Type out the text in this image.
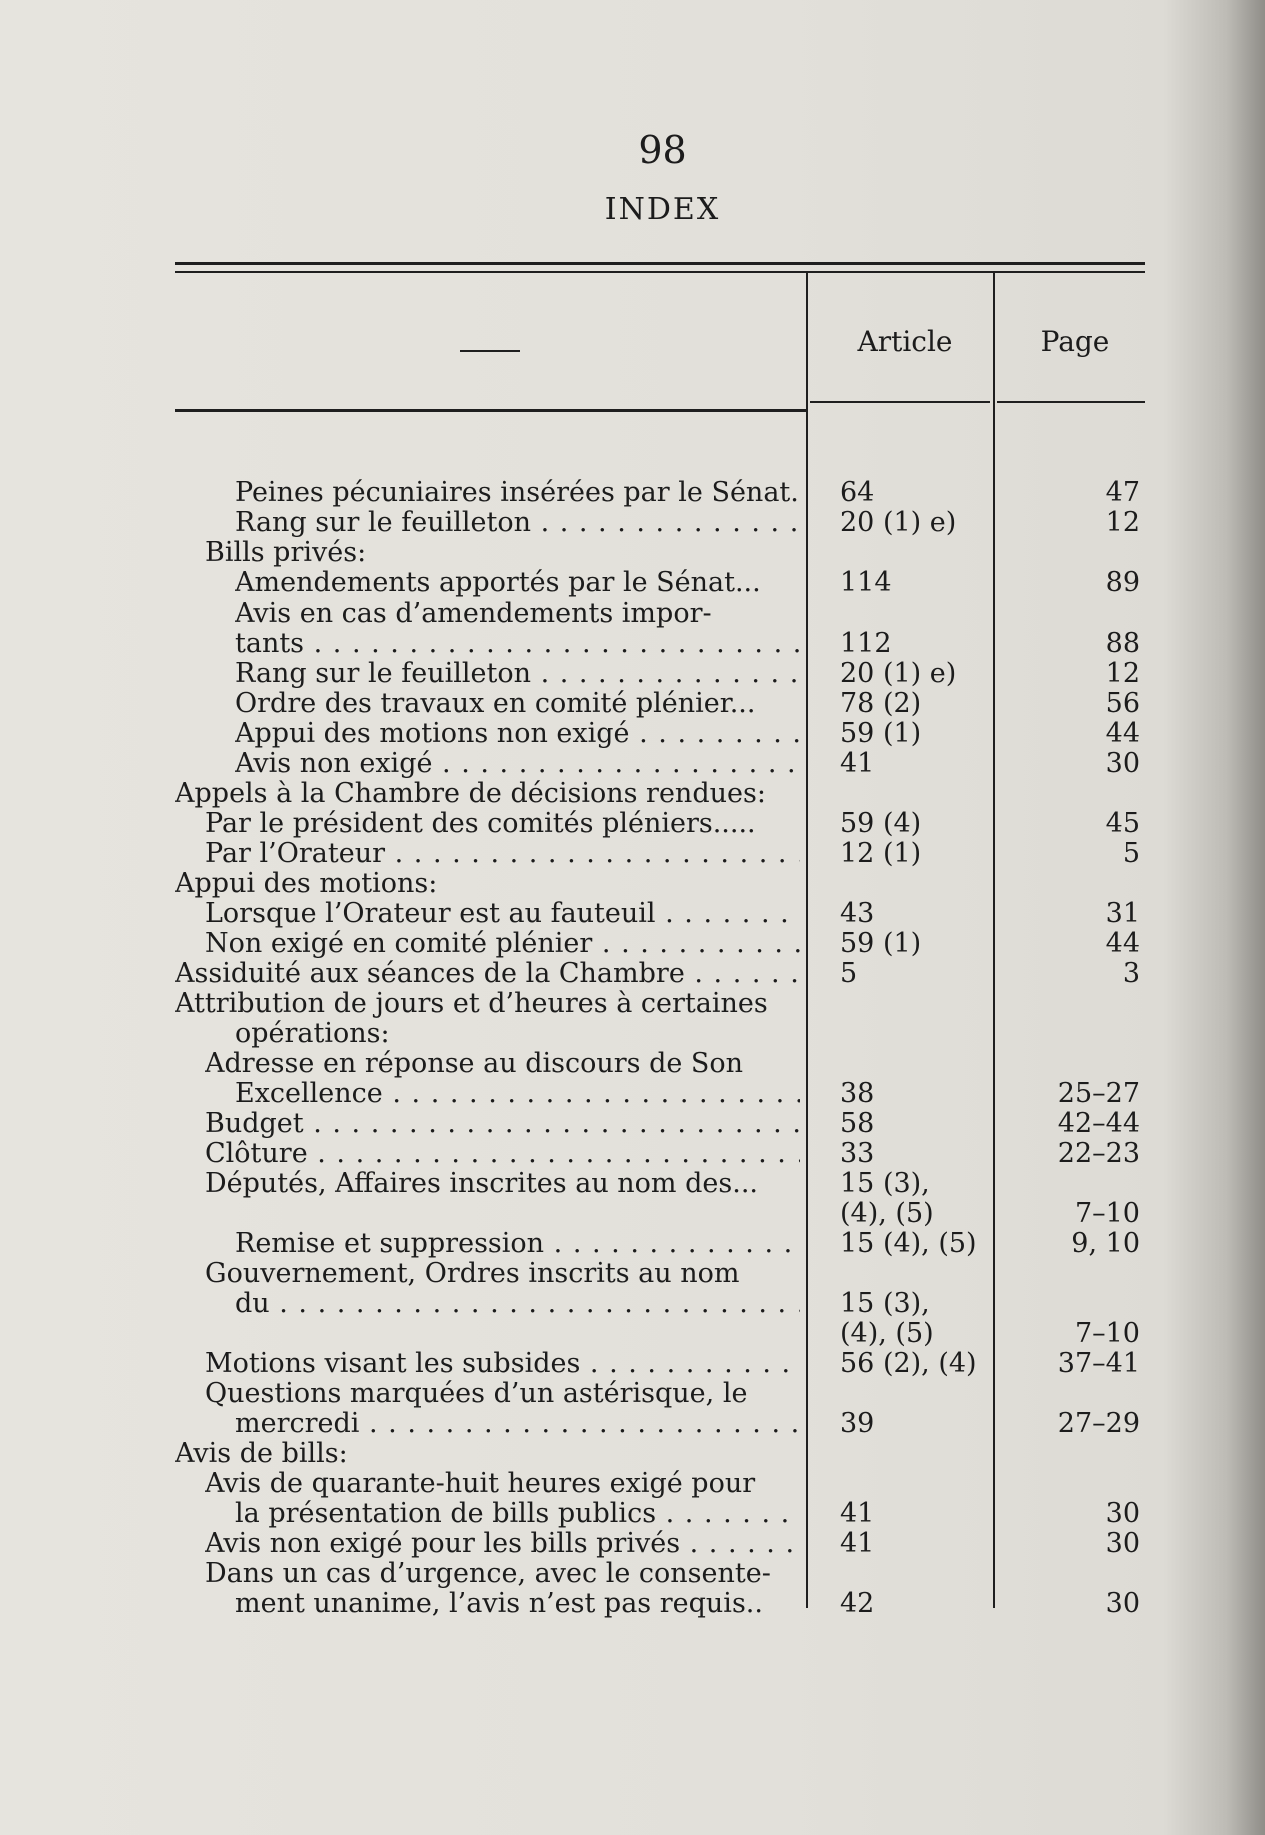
98
INDEX
Article	Page
Peines pécuniaires insérées par le Sénat. 64	47
Rang sur le feuilleton . . .	20 (1) e)	12
Bills privés:
Amendements apportés par le Sénat...	114	89
Avis en cas d’amendements impor-
tants . . .	112	88
Rang sur le feuilleton . . .	20 (1) e)	12
Ordre des travaux en comité plénier...	78 (2)	56
Appui des motions non exigé . . .	59 (1)	44
Avis non exigé . . .	41	30
Appels à la Chambre de décisions rendues:
Par le président des comités pléniers.....	59 (4)	45
Par l’Orateur . . .	12 (1)	5
Appui des motions:
Lorsque l’Orateur est au fauteuil . . .	43	31
Non exigé en comité plénier . . .	59 (1)	44
Assiduité aux séances de la Chambre . . .	5	3
Attribution de jours et d’heures à certaines
opérations:
Adresse en réponse au discours de Son
Excellence . . .	38	25–27
Budget . . .	58	42–44
Clôture . . .	33	22–23
Députés, Affaires inscrites au nom des...	15 (3),
(4), (5)	7–10
Remise et suppression . . .	15 (4), (5)	9, 10
Gouvernement, Ordres inscrits au nom
du . . .	15 (3),
(4), (5)	7–10
Motions visant les subsides . . .	56 (2), (4)	37–41
Questions marquées d’un astérisque, le
mercredi . . .	39	27–29
Avis de bills:
Avis de quarante-huit heures exigé pour
la présentation de bills publics . . .	41	30
Avis non exigé pour les bills privés . . .	41	30
Dans un cas d’urgence, avec le consente-
ment unanime, l’avis n’est pas requis..	42	30
